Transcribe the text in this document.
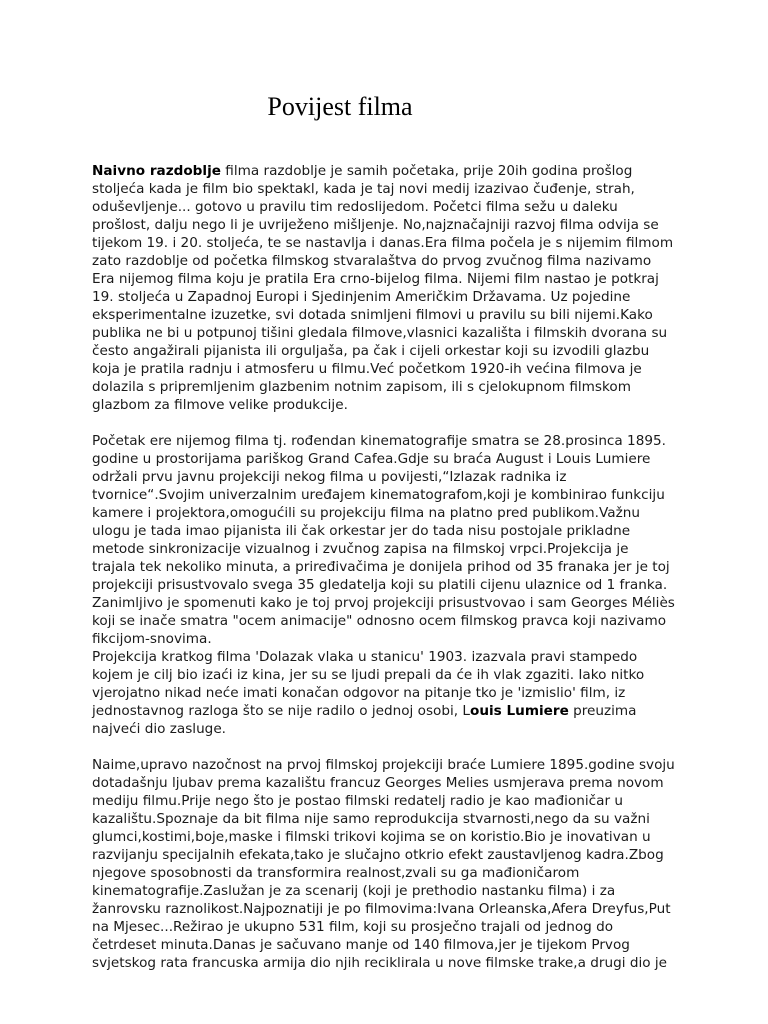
Povijest filma
Naivno razdoblje filma razdoblje je samih početaka, prije 20ih godina prošlog
stoljeća kada je film bio spektakl, kada je taj novi medij izazivao čuđenje, strah,
oduševljenje... gotovo u pravilu tim redoslijedom. Početci filma sežu u daleku
prošlost, dalju nego li je uvriježeno mišljenje. No,najznačajniji razvoj filma odvija se
tijekom 19. i 20. stoljeća, te se nastavlja i danas.Era filma počela je s nijemim filmom
zato razdoblje od početka filmskog stvaralaštva do prvog zvučnog filma nazivamo
Era nijemog filma koju je pratila Era crno-bijelog filma. Nijemi film nastao je potkraj
19. stoljeća u Zapadnoj Europi i Sjedinjenim Američkim Državama. Uz pojedine
eksperimentalne izuzetke, svi dotada snimljeni filmovi u pravilu su bili nijemi.Kako
publika ne bi u potpunoj tišini gledala filmove,vlasnici kazališta i filmskih dvorana su
često angažirali pijanista ili orguljaša, pa čak i cijeli orkestar koji su izvodili glazbu
koja je pratila radnju i atmosferu u filmu.Već početkom 1920-ih većina filmova je
dolazila s pripremljenim glazbenim notnim zapisom, ili s cjelokupnom filmskom
glazbom za filmove velike produkcije.
Početak ere nijemog filma tj. rođendan kinematografije smatra se 28.prosinca 1895.
godine u prostorijama pariškog Grand Cafea.Gdje su braća August i Louis Lumiere
održali prvu javnu projekciji nekog filma u povijesti,“Izlazak radnika iz
tvornice“.Svojim univerzalnim uređajem kinematografom,koji je kombinirao funkciju
kamere i projektora,omogućili su projekciju filma na platno pred publikom.Važnu
ulogu je tada imao pijanista ili čak orkestar jer do tada nisu postojale prikladne
metode sinkronizacije vizualnog i zvučnog zapisa na filmskoj vrpci.Projekcija je
trajala tek nekoliko minuta, a priređivačima je donijela prihod od 35 franaka jer je toj
projekciji prisustvovalo svega 35 gledatelja koji su platili cijenu ulaznice od 1 franka.
Zanimljivo je spomenuti kako je toj prvoj projekciji prisustvovao i sam Georges Méliès
koji se inače smatra "ocem animacije" odnosno ocem filmskog pravca koji nazivamo
fikcijom-snovima.
Projekcija kratkog filma 'Dolazak vlaka u stanicu' 1903. izazvala pravi stampedo
kojem je cilj bio izaći iz kina, jer su se ljudi prepali da će ih vlak zgaziti. Iako nitko
vjerojatno nikad neće imati konačan odgovor na pitanje tko je 'izmislio' film, iz
jednostavnog razloga što se nije radilo o jednoj osobi, Louis Lumiere preuzima
najveći dio zasluge.
Naime,upravo nazočnost na prvoj filmskoj projekciji braće Lumiere 1895.godine svoju
dotadašnju ljubav prema kazalištu francuz Georges Melies usmjerava prema novom
mediju filmu.Prije nego što je postao filmski redatelj radio je kao mađioničar u
kazalištu.Spoznaje da bit filma nije samo reprodukcija stvarnosti,nego da su važni
glumci,kostimi,boje,maske i filmski trikovi kojima se on koristio.Bio je inovativan u
razvijanju specijalnih efekata,tako je slučajno otkrio efekt zaustavljenog kadra.Zbog
njegove sposobnosti da transformira realnost,zvali su ga mađioničarom
kinematografije.Zaslužan je za scenarij (koji je prethodio nastanku filma) i za
žanrovsku raznolikost.Najpoznatiji je po filmovima:Ivana Orleanska,Afera Dreyfus,Put
na Mjesec...Režirao je ukupno 531 film, koji su prosječno trajali od jednog do
četrdeset minuta.Danas je sačuvano manje od 140 filmova,jer je tijekom Prvog
svjetskog rata francuska armija dio njih reciklirala u nove filmske trake,a drugi dio je
